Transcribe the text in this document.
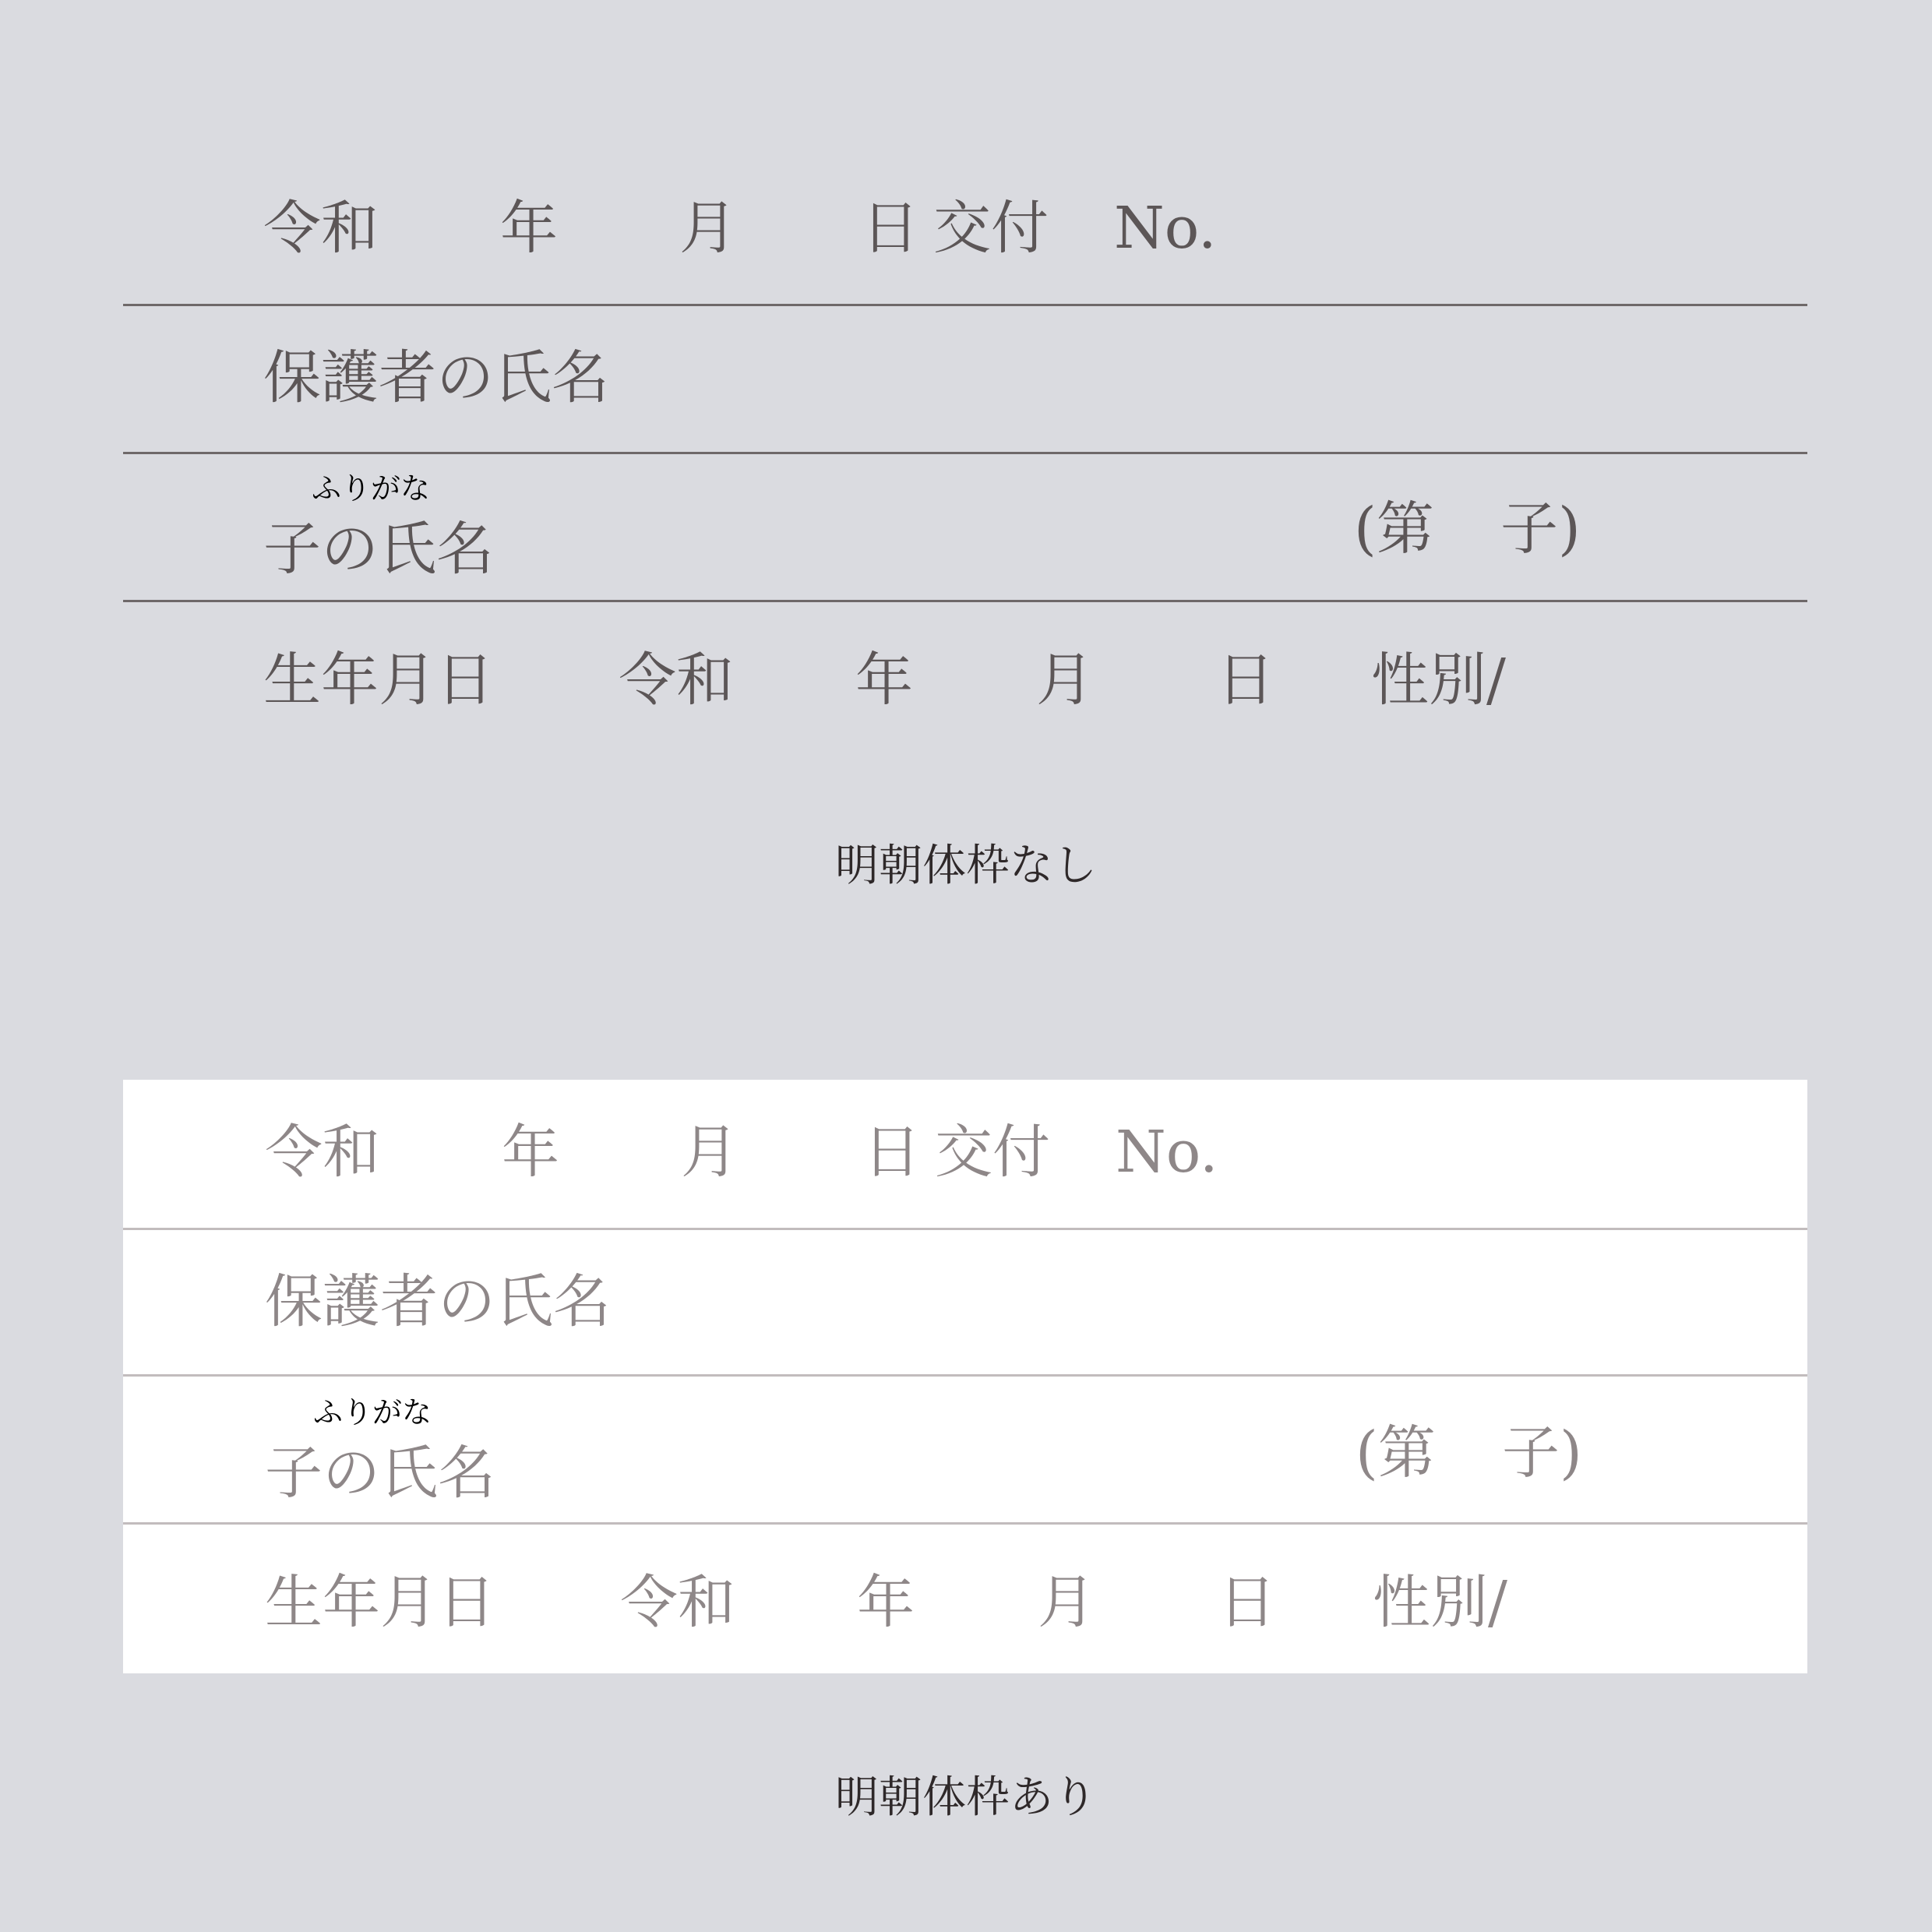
令和 年 月 日 交付 No.
保護者の氏名
ふりがな
子の氏名	(第 子)
生年月日 令和 年 月 日 性別/
明朝体枠なし
令和 年 月 日 交付 No.
保護者の氏名
ふりがな
子の氏名	(第 子)
生年月日 令和 年 月 日 性別/
明朝体枠あり
